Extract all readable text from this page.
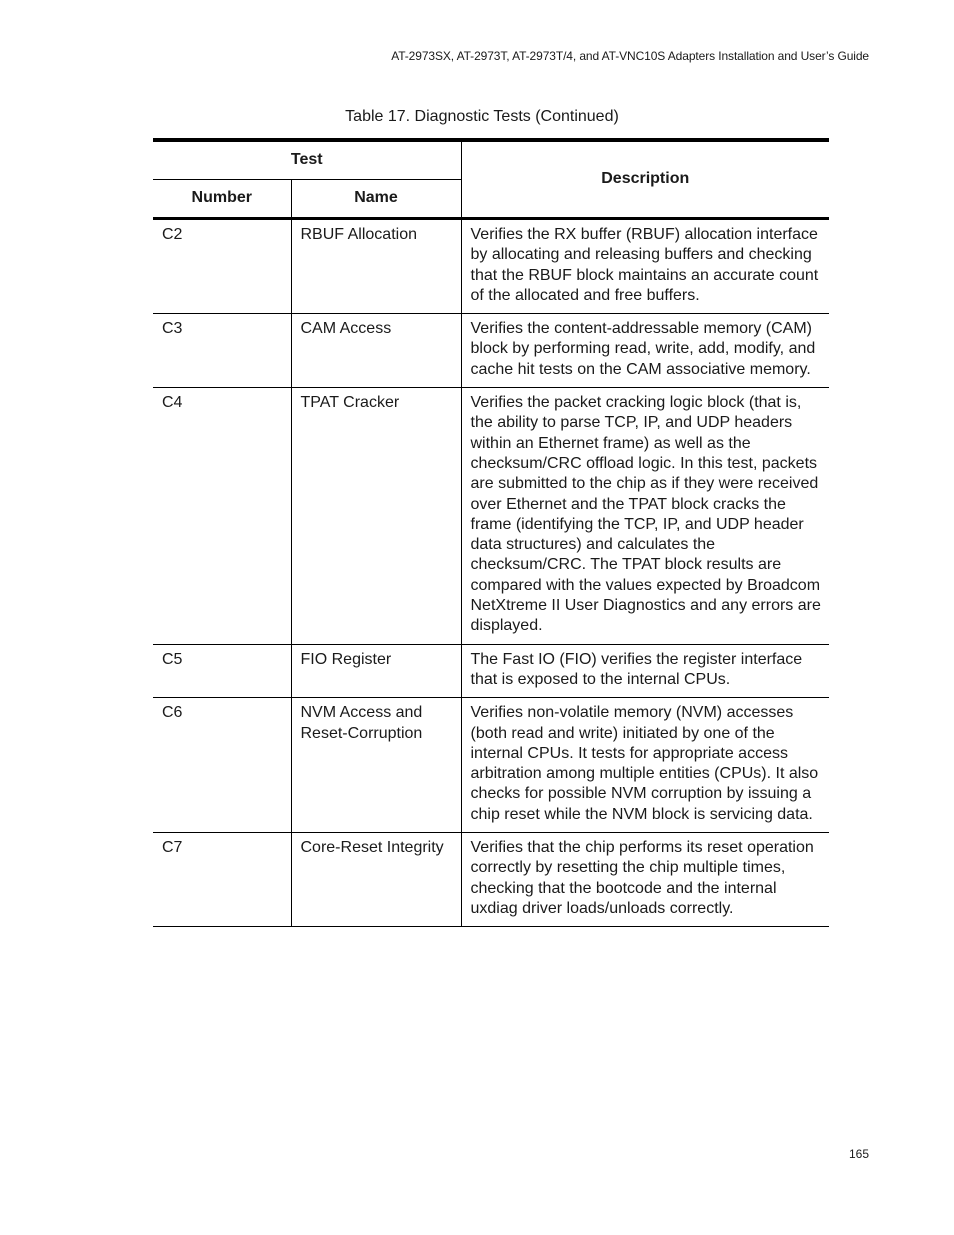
AT-2973SX, AT-2973T, AT-2973T/4, and AT-VNC10S Adapters Installation and User’s Guide
Table 17. Diagnostic Tests (Continued)
Test		Description
Number	Name	
C2	RBUF Allocation	Verifies the RX buffer (RBUF) allocation interface by allocating and releasing buffers and checking that the RBUF block maintains an accurate count of the allocated and free buffers.
C3	CAM Access	Verifies the content-addressable memory (CAM) block by performing read, write, add, modify, and cache hit tests on the CAM associative memory.
C4	TPAT Cracker	Verifies the packet cracking logic block (that is, the ability to parse TCP, IP, and UDP headers within an Ethernet frame) as well as the checksum/CRC offload logic. In this test, packets are submitted to the chip as if they were received over Ethernet and the TPAT block cracks the frame (identifying the TCP, IP, and UDP header data structures) and calculates the checksum/CRC. The TPAT block results are compared with the values expected by Broadcom NetXtreme II User Diagnostics and any errors are displayed.
C5	FIO Register	The Fast IO (FIO) verifies the register interface that is exposed to the internal CPUs.
C6	NVM Access and Reset-Corruption	Verifies non-volatile memory (NVM) accesses (both read and write) initiated by one of the internal CPUs. It tests for appropriate access arbitration among multiple entities (CPUs). It also checks for possible NVM corruption by issuing a chip reset while the NVM block is servicing data.
C7	Core-Reset Integrity	Verifies that the chip performs its reset operation correctly by resetting the chip multiple times, checking that the bootcode and the internal uxdiag driver loads/unloads correctly.
165
